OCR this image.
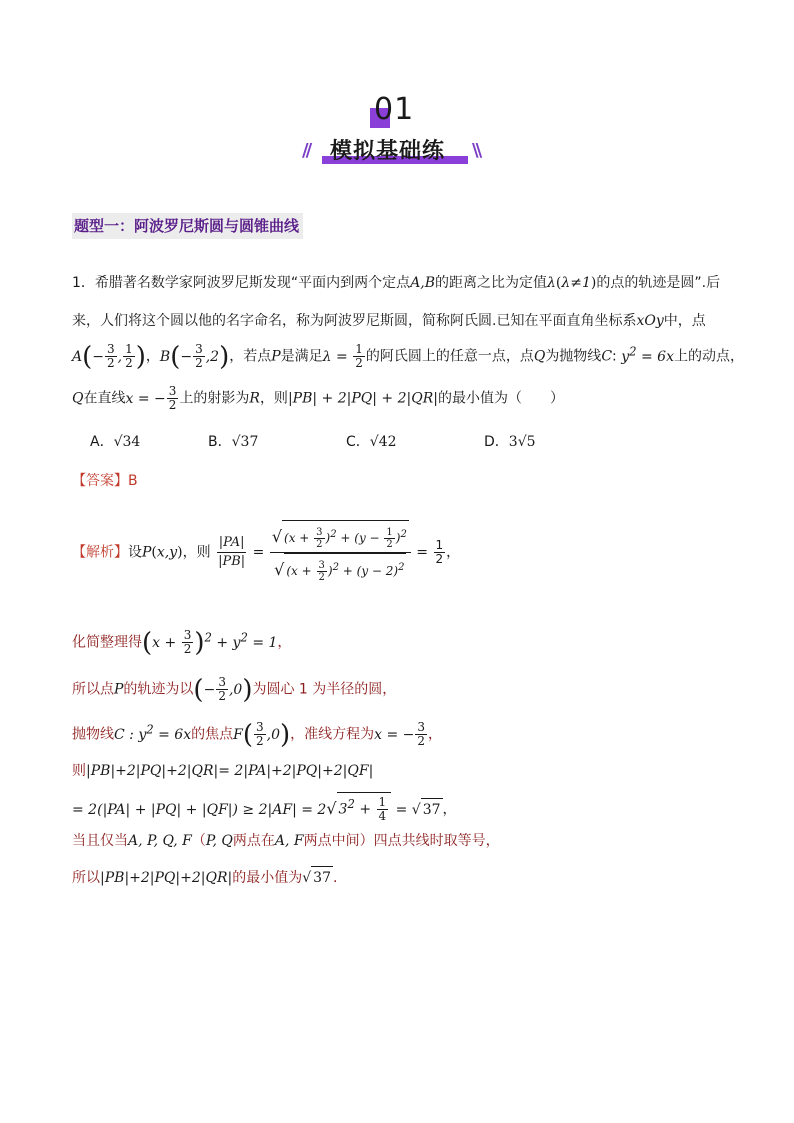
01
// 模拟基础练 \\
题型一：阿波罗尼斯圆与圆锥曲线
1．希腊著名数学家阿波罗尼斯发现“平面内到两个定点A,B的距离之比为定值λ(λ≠1)的点的轨迹是圆”.后
来，人们将这个圆以他的名字命名，称为阿波罗尼斯圆，简称阿氏圆.已知在平面直角坐标系xOy中，点
$A(- \frac{3}{2}$ , $\frac{1}{2}$ )，$B(- \frac{3}{2} ,2)$，若点P是满足$\lambda = \frac{1}{2}$ 的阿氏圆上的任意一点，点Q为抛物线C: $y^2 = 6x$上的动点，
Q在直线x = − $\frac{3}{2}$ 上的射影为R，则|PB| + 2|PQ| + 2|QR|的最小值为（　　）
A．√34	B．√37	C．√42	D．3√5
【答案】B
【解析】设P(x,y)，则 $\frac{|PA|}{|PB|} = \frac{√ (x + \frac{3}{2} )^2 + (y - \frac{1}{2} )^2}{√ (x + \frac{3}{2} )^2 + (y - 2)^2} = \frac{1}{2}$ ，
化简整理得$(x + \frac{3}{2} )^2 + y^2 = 1$，
所以点P的轨迹为以(− $\frac{3}{2} ,0$)为圆心 1 为半径的圆，
抛物线C : $y^2 = 6x$的焦点$F( \frac{3}{2} ,0)$，准线方程为x = − $\frac{3}{2}$ ，
则|PB|+2|PQ|+2|QR|= 2|PA|+2|PQ|+2|QF|
= 2(|PA| + |PQ| + |QF|) ≥ 2|AF| = 2√ $3^2 + \frac{1}{4}$ = √ 37 ，
当且仅当A, P, Q, F（P, Q两点在A, F两点中间）四点共线时取等号，
所以|PB|+2|PQ|+2|QR|的最小值为√ 37 .
